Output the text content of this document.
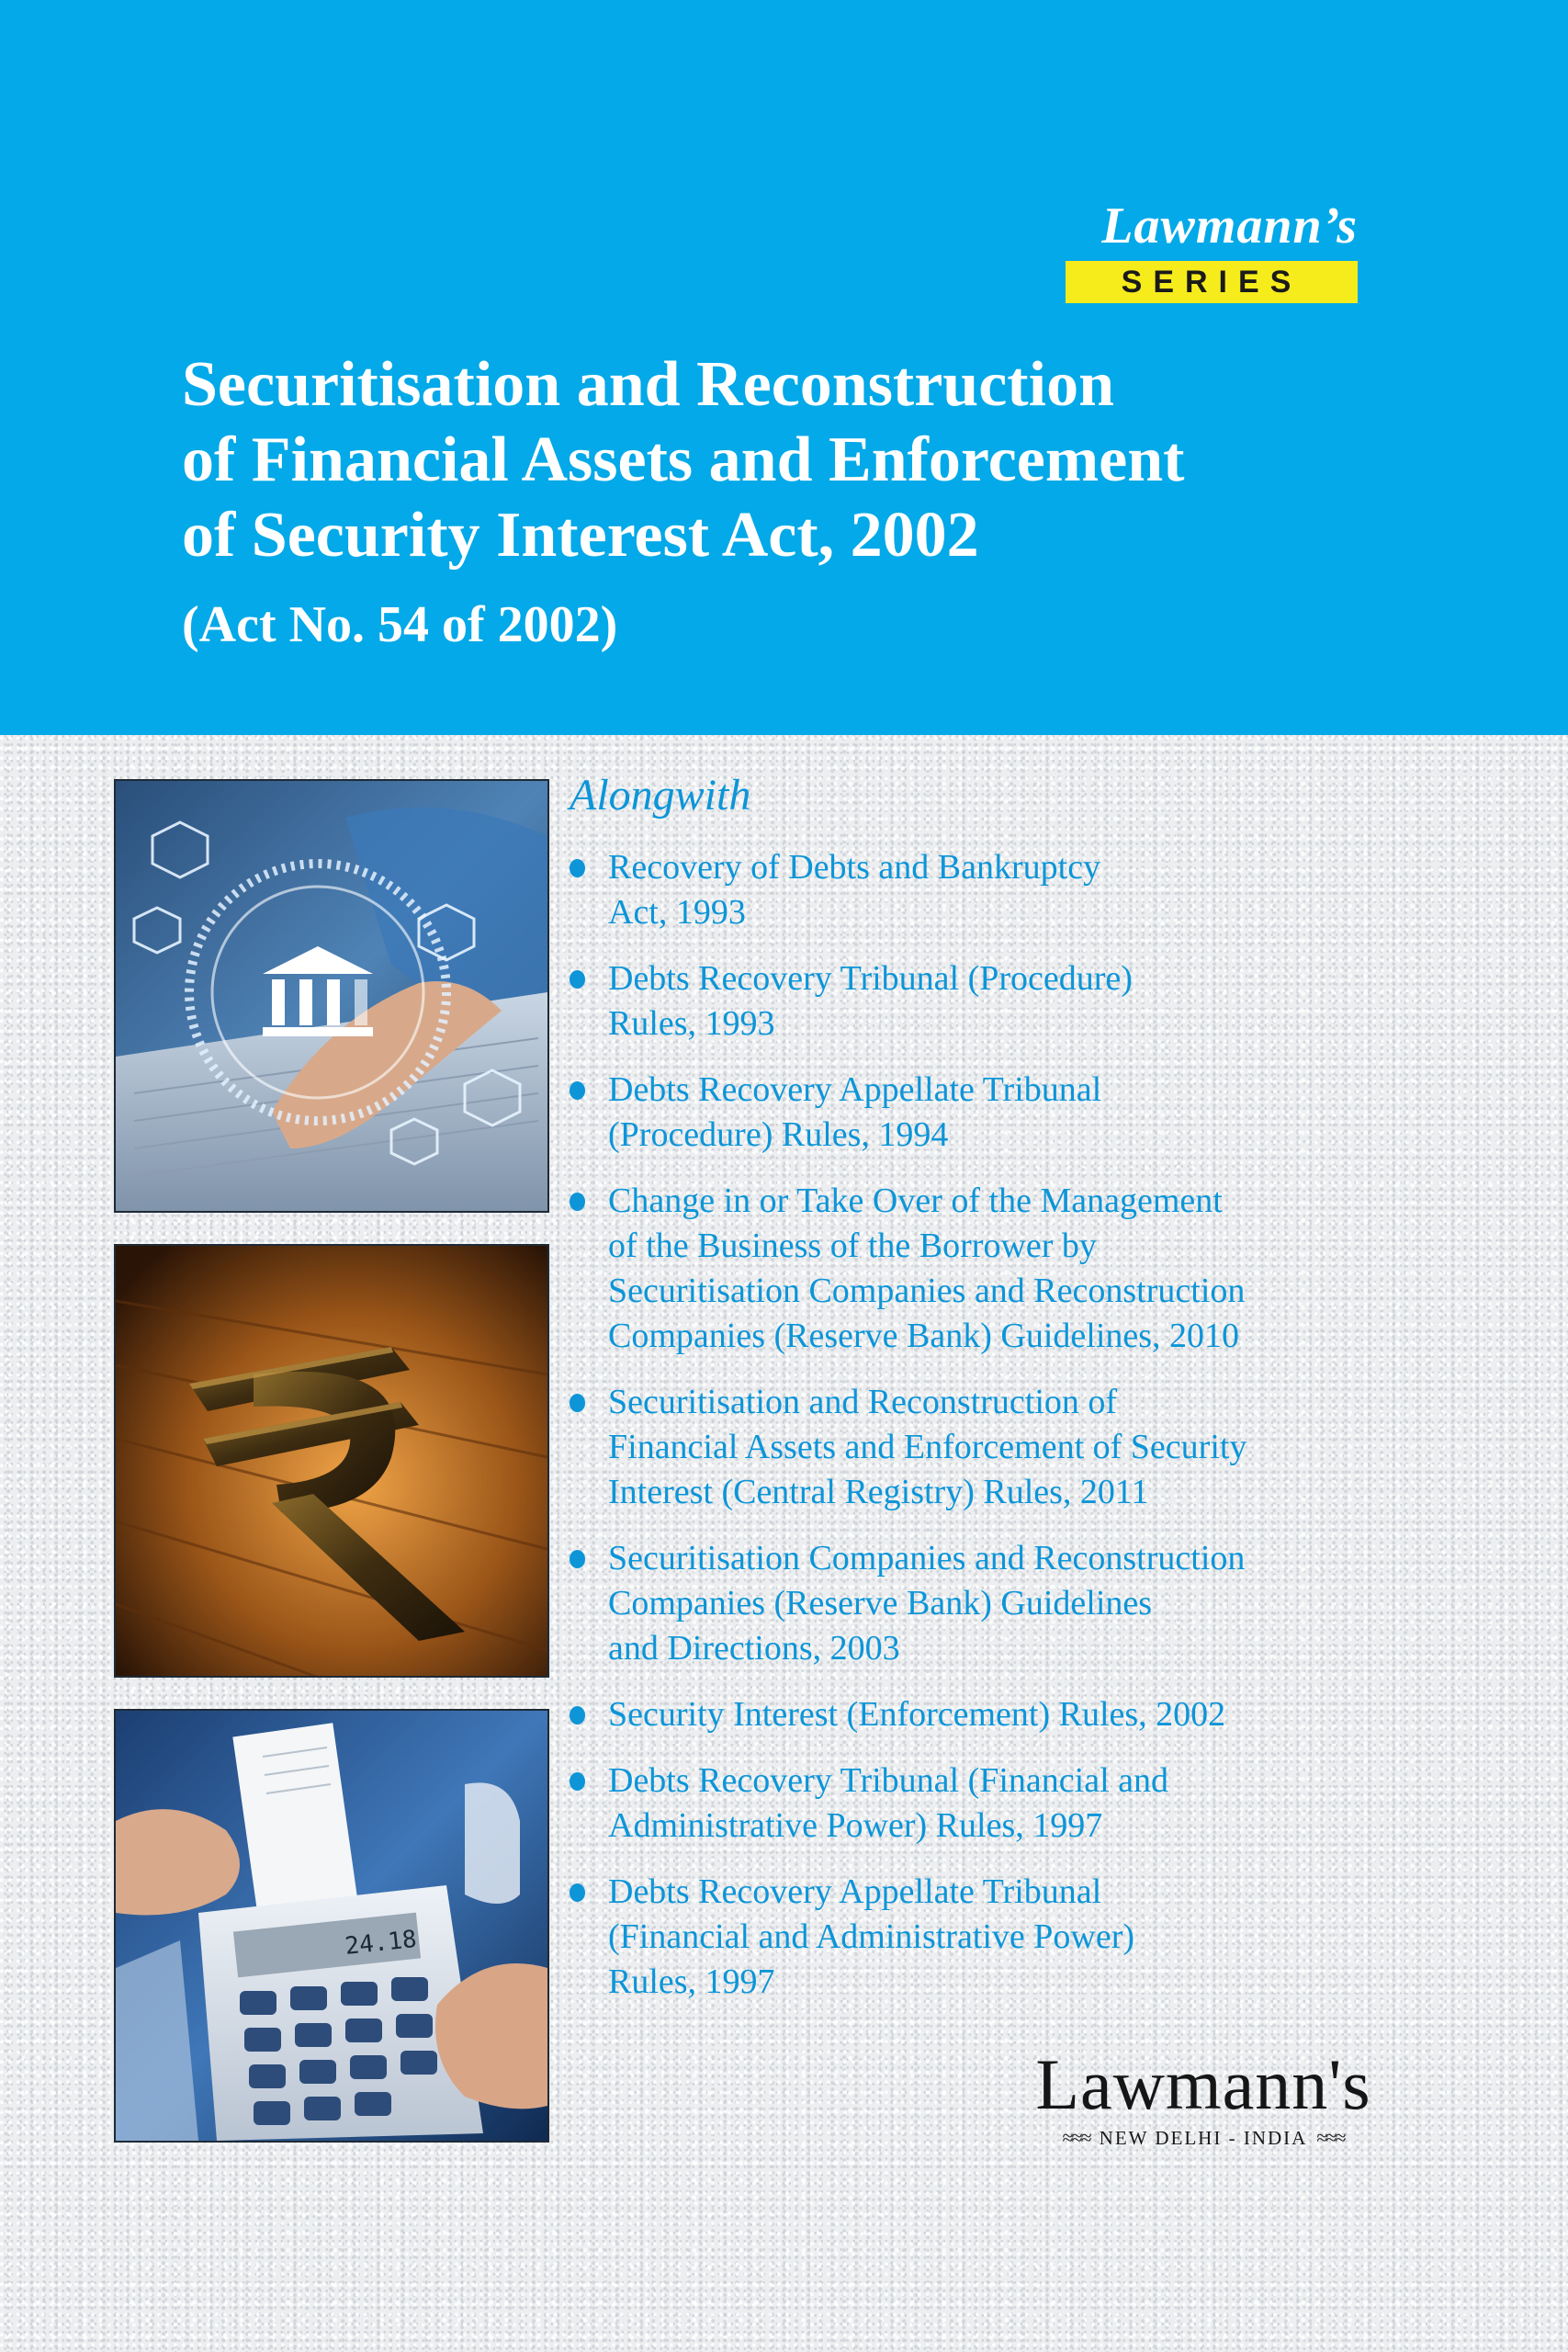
Lawmann’s
SERIES
Securitisation and Reconstruction
of Financial Assets and Enforcement
of Security Interest Act, 2002
(Act No. 54 of 2002)
24.18
Alongwith
Recovery of Debts and Bankruptcy
Act, 1993
Debts Recovery Tribunal (Procedure)
Rules, 1993
Debts Recovery Appellate Tribunal
(Procedure) Rules, 1994
Change in or Take Over of the Management
of the Business of the Borrower by
Securitisation Companies and Reconstruction
Companies (Reserve Bank) Guidelines, 2010
Securitisation and Reconstruction of
Financial Assets and Enforcement of Security
Interest (Central Registry) Rules, 2011
Securitisation Companies and Reconstruction
Companies (Reserve Bank) Guidelines
and Directions, 2003
Security Interest (Enforcement) Rules, 2002
Debts Recovery Tribunal (Financial and
Administrative Power) Rules, 1997
Debts Recovery Appellate Tribunal
(Financial and Administrative Power)
Rules, 1997
Lawmann's
≈≈≈ NEW DELHI - INDIA ≈≈≈
